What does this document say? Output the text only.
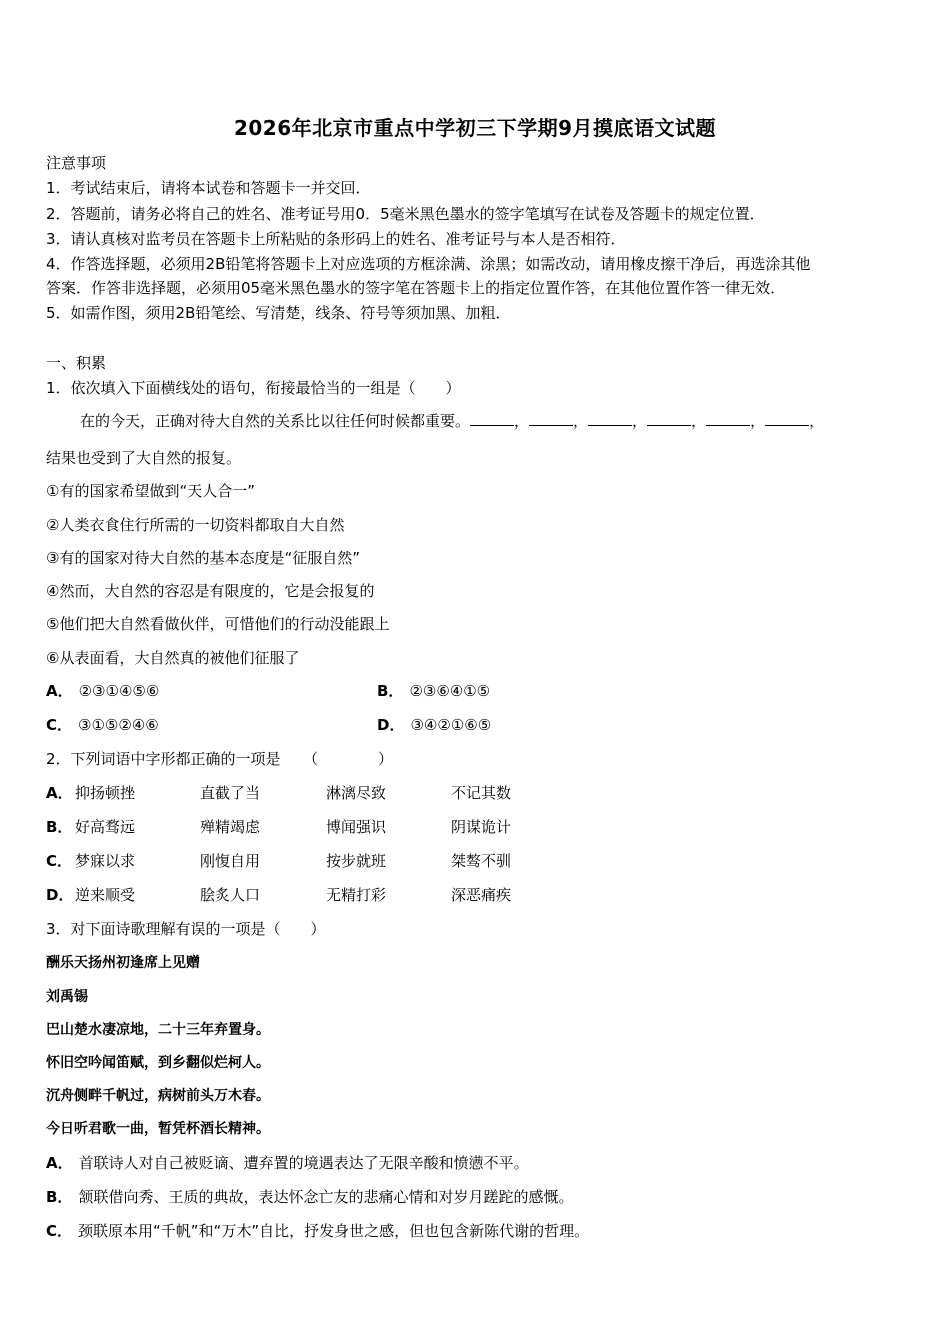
2026年北京市重点中学初三下学期9月摸底语文试题
注意事项
1．考试结束后，请将本试卷和答题卡一并交回．
2．答题前，请务必将自己的姓名、准考证号用0．5毫米黑色墨水的签字笔填写在试卷及答题卡的规定位置．
3．请认真核对监考员在答题卡上所粘贴的条形码上的姓名、准考证号与本人是否相符．
4．作答选择题，必须用2B铅笔将答题卡上对应选项的方框涂满、涂黑；如需改动，请用橡皮擦干净后，再选涂其他
答案．作答非选择题，必须用05毫米黑色墨水的签字笔在答题卡上的指定位置作答，在其他位置作答一律无效．
5．如需作图，须用2B铅笔绘、写清楚，线条、符号等须加黑、加粗．
一、积累
1．依次填入下面横线处的语句，衔接最恰当的一组是（　　）
在的今天，正确对待大自然的关系比以往任何时候都重要。	，	，	，	，	，	，
结果也受到了大自然的报复。
①有的国家希望做到“天人合一”
②人类衣食住行所需的一切资料都取自大自然
③有的国家对待大自然的基本态度是“征服自然”
④然而，大自然的容忍是有限度的，它是会报复的
⑤他们把大自然看做伙伴，可惜他们的行动没能跟上
⑥从表面看，大自然真的被他们征服了
A． ②③①④⑤⑥	B． ②③⑥④①⑤
C． ③①⑤②④⑥	D． ③④②①⑥⑤
2．下列词语中字形都正确的一项是　　（　　　　）
A． 抑扬顿挫	直截了当	淋漓尽致	不记其数
B． 好高骛远	殚精竭虑	博闻强识	阴谋诡计
C． 梦寐以求	刚愎自用	按步就班	桀骜不驯
D． 逆来顺受	脍炙人口	无精打彩	深恶痛疾
3．对下面诗歌理解有误的一项是（　　）
酬乐天扬州初逢席上见赠
刘禹锡
巴山楚水凄凉地，二十三年弃置身。
怀旧空吟闻笛赋，到乡翻似烂柯人。
沉舟侧畔千帆过，病树前头万木春。
今日听君歌一曲，暂凭杯酒长精神。
A． 首联诗人对自己被贬谪、遭弃置的境遇表达了无限辛酸和愤懑不平。
B． 颔联借向秀、王质的典故，表达怀念亡友的悲痛心情和对岁月蹉跎的感慨。
C． 颈联原本用“千帆”和“万木”自比，抒发身世之感，但也包含新陈代谢的哲理。
